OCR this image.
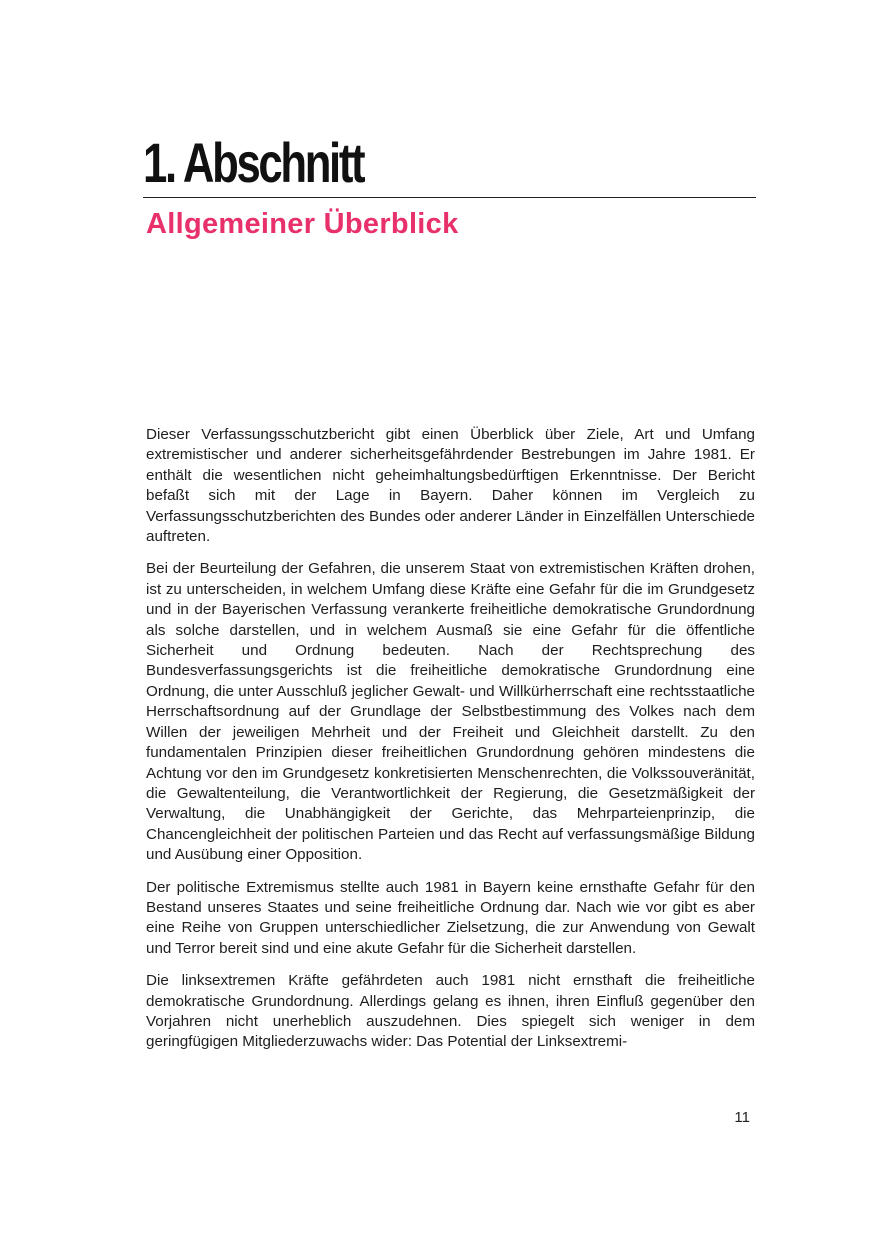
1. Abschnitt
Allgemeiner Überblick

Dieser Verfassungsschutzbericht gibt einen Überblick über Ziele, Art und Umfang extremistischer und anderer sicherheitsgefährdender Bestrebungen im Jahre 1981. Er enthält die wesentlichen nicht geheimhaltungsbedürftigen Erkenntnisse. Der Bericht befaßt sich mit der Lage in Bayern. Daher können im Vergleich zu Verfassungsschutzberichten des Bundes oder anderer Länder in Einzelfällen Unterschiede auftreten.

Bei der Beurteilung der Gefahren, die unserem Staat von extremistischen Kräften drohen, ist zu unterscheiden, in welchem Umfang diese Kräfte eine Gefahr für die im Grundgesetz und in der Bayerischen Verfassung verankerte freiheitliche demokratische Grundordnung als solche darstellen, und in welchem Ausmaß sie eine Gefahr für die öffentliche Sicherheit und Ordnung bedeuten. Nach der Rechtsprechung des Bundesverfassungsgerichts ist die freiheitliche demokratische Grundordnung eine Ordnung, die unter Ausschluß jeglicher Gewalt- und Willkürherrschaft eine rechtsstaatliche Herrschaftsordnung auf der Grundlage der Selbstbestimmung des Volkes nach dem Willen der jeweiligen Mehrheit und der Freiheit und Gleichheit darstellt. Zu den fundamentalen Prinzipien dieser freiheitlichen Grundordnung gehören mindestens die Achtung vor den im Grundgesetz konkretisierten Menschenrechten, die Volkssouveränität, die Gewaltenteilung, die Verantwortlichkeit der Regierung, die Gesetzmäßigkeit der Verwaltung, die Unabhängigkeit der Gerichte, das Mehrparteienprinzip, die Chancengleichheit der politischen Parteien und das Recht auf verfassungsmäßige Bildung und Ausübung einer Opposition.

Der politische Extremismus stellte auch 1981 in Bayern keine ernsthafte Gefahr für den Bestand unseres Staates und seine freiheitliche Ordnung dar. Nach wie vor gibt es aber eine Reihe von Gruppen unterschiedlicher Zielsetzung, die zur Anwendung von Gewalt und Terror bereit sind und eine akute Gefahr für die Sicherheit darstellen.

Die linksextremen Kräfte gefährdeten auch 1981 nicht ernsthaft die freiheitliche demokratische Grundordnung. Allerdings gelang es ihnen, ihren Einfluß gegenüber den Vorjahren nicht unerheblich auszudehnen. Dies spiegelt sich weniger in dem geringfügigen Mitgliederzuwachs wider: Das Potential der Linksextremi-

11
